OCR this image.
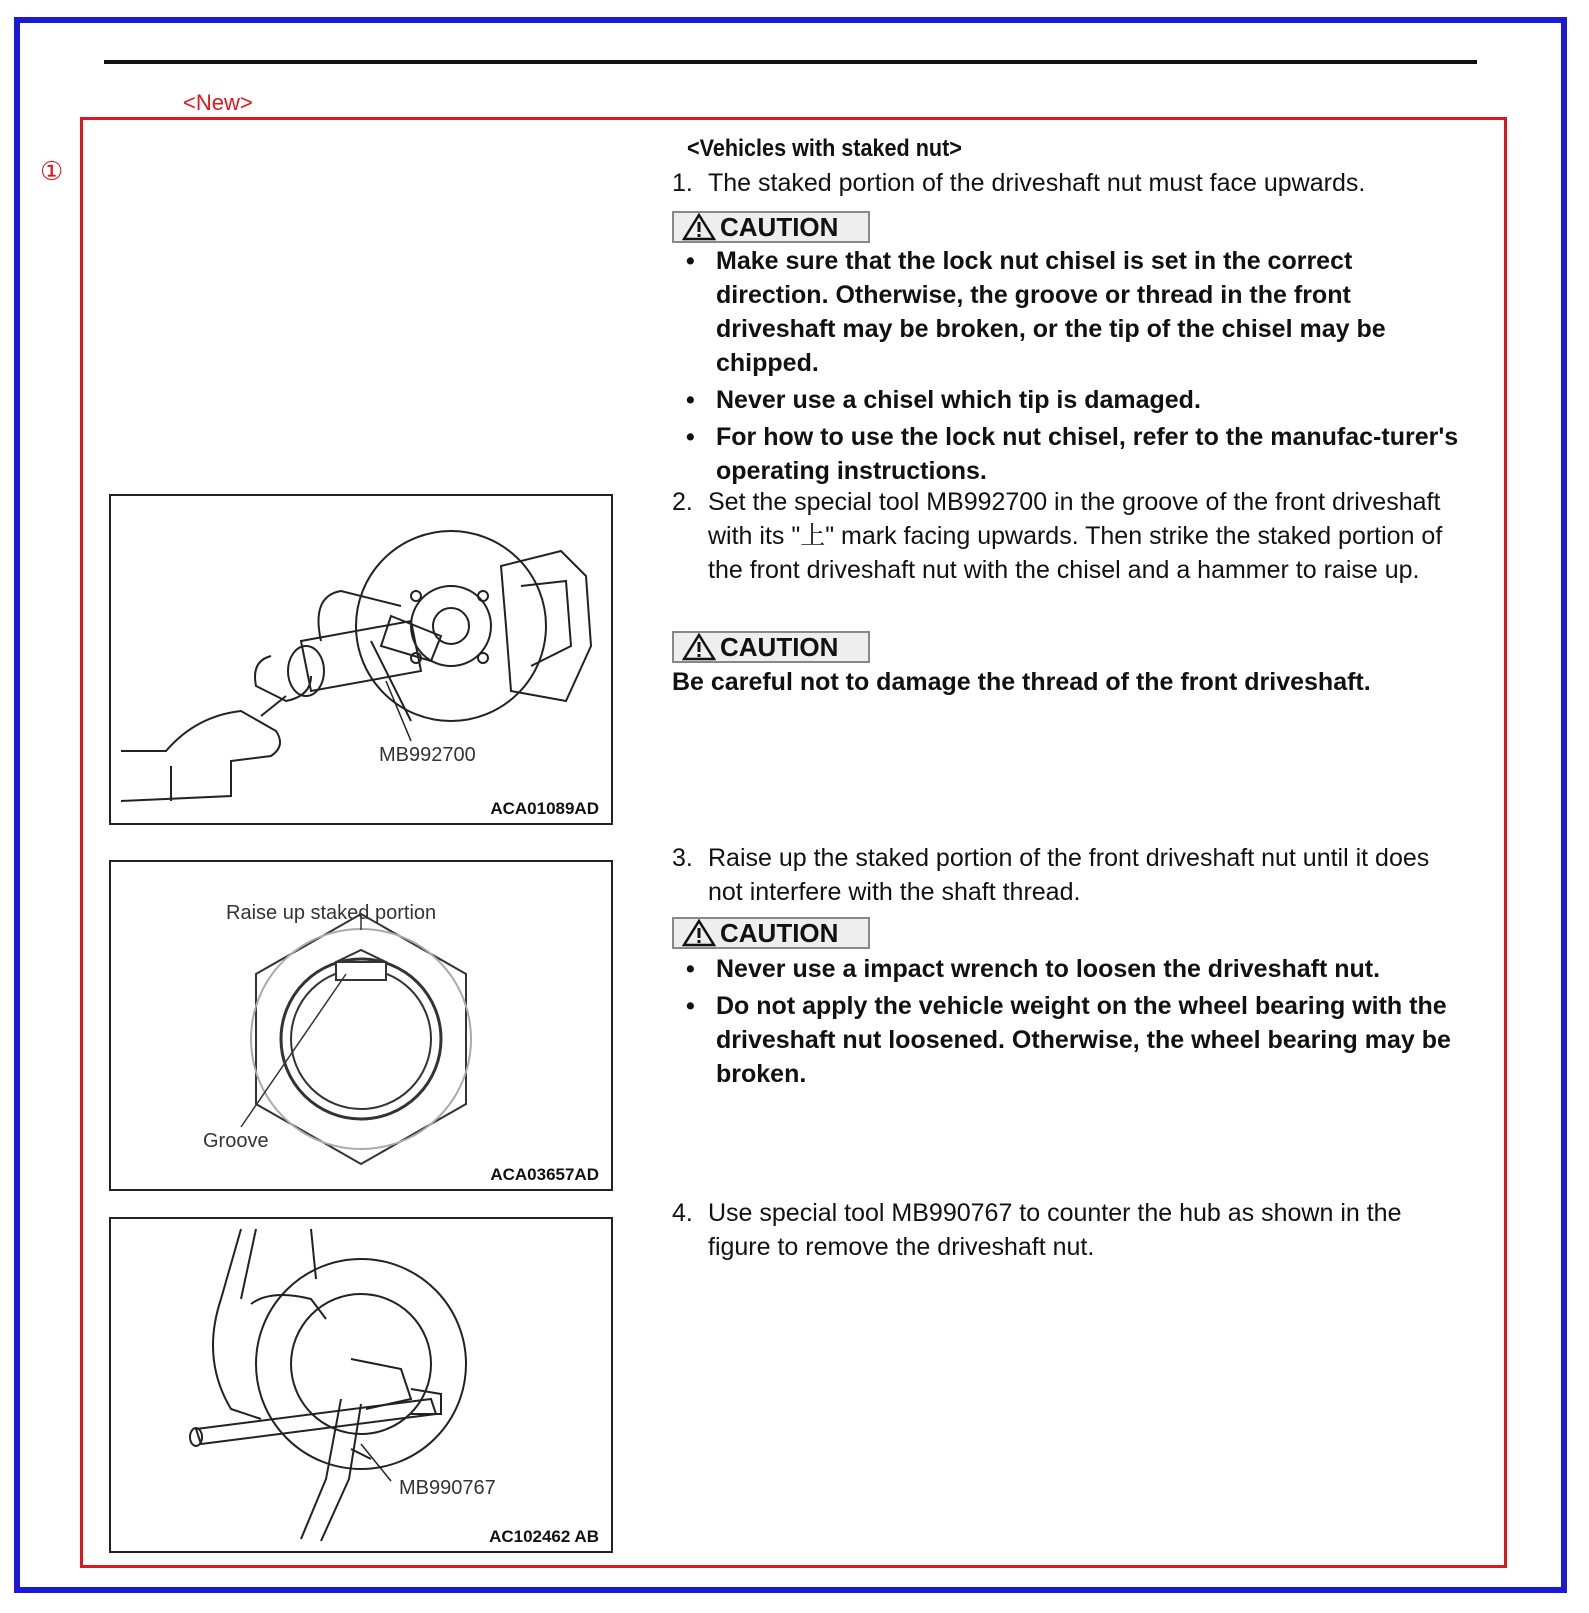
<New>
①
<Vehicles with staked nut>
1. The staked portion of the driveshaft nut must face upwards.
CAUTION
• Make sure that the lock nut chisel is set in the correct direction. Otherwise, the groove or thread in the front driveshaft may be broken, or the tip of the chisel may be chipped.
• Never use a chisel which tip is damaged.
• For how to use the lock nut chisel, refer to the manufac-turer's operating instructions.
2. Set the special tool MB992700 in the groove of the front driveshaft with its "上" mark facing upwards. Then strike the staked portion of the front driveshaft nut with the chisel and a hammer to raise up.
CAUTION
Be careful not to damage the thread of the front driveshaft.
3. Raise up the staked portion of the front driveshaft nut until it does not interfere with the shaft thread.
CAUTION
• Never use a impact wrench to loosen the driveshaft nut.
• Do not apply the vehicle weight on the wheel bearing with the driveshaft nut loosened. Otherwise, the wheel bearing may be broken.
4. Use special tool MB990767 to counter the hub as shown in the figure to remove the driveshaft nut.
MB992700
ACA01089AD
Raise up staked portion
Groove
ACA03657AD
MB990767
AC102462 AB
